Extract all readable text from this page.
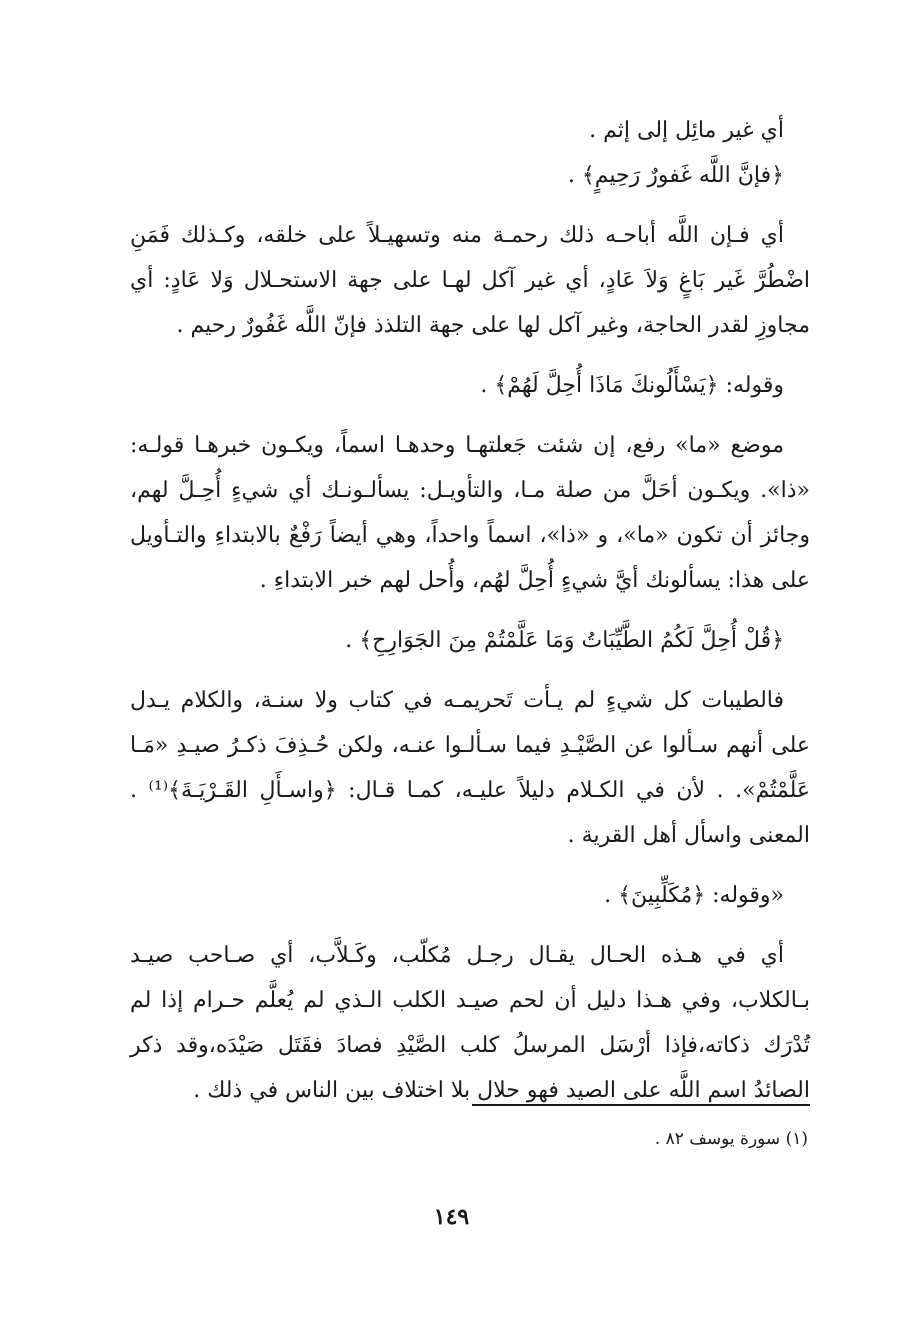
أي غير مائِل إلى إثم .

﴿فإنَّ اللَّه غَفورٌ رَحِيمٍ﴾ .

أي فـإن اللَّه أباحـه ذلك رحمـة منه وتسهيـلاً على خلقه، وكـذلك فَمَنِ اضْطُرَّ غَير بَاغٍ وَلاَ عَادٍ، أي غير آكل لهـا على جهة الاستحـلال وَلا عَادٍ: أي مجاوزِ لقدر الحاجة، وغير آكل لها على جهة التلذذ فإنّ اللَّه غَفُورٌ رحيم .

وقوله: ﴿يَسْأَلُونكَ مَاذَا أُحِلَّ لَهُمْ﴾ .

موضع «ما» رفع، إن شئت جَعلتهـا وحدهـا اسماً، ويكـون خبرهـا قولـه: «ذا». ويكـون أحَلَّ من صلة مـا، والتأويـل: يسألـونـك أي شيءٍ أُحِـلَّ لهم، وجائز أن تكون «ما»، و «ذا»، اسماً واحداً، وهي أيضاً رَفْعٌ بالابتداءِ والتـأويل على هذا: يسألونك أيَّ شيءٍ أُحِلَّ لهُم، وأُحل لهم خبر الابتداءِ .

﴿قُلْ أُحِلَّ لَكُمُ الطَّيِّبَاتُ وَمَا عَلَّمْتُمْ مِنَ الجَوَارِحِ﴾ .

فالطيبات كل شيءٍ لم يـأت تَحريمـه في كتاب ولا سنـة، والكلام يـدل على أنهم سـألوا عن الصَّيْـدِ فيما سـألـوا عنـه، ولكن حُـذِفَ ذكـرُ صيـدِ «مَـا عَلَّمْتُمْ». . لأن في الكـلام دليلاً عليـه، كمـا قـال: ﴿واسـأَلِ القَـرْيَـةَ﴾⁽¹⁾ . المعنى واسأل أهل القرية .

«وقوله: ﴿مُكَلِّبِينَ﴾ .

أي في هـذه الحـال يقـال رجـل مُكلّب، وكَـلاَّب، أي صـاحب صيـد بـالكلاب، وفي هـذا دليل أن لحم صيـد الكلب الـذي لم يُعلَّم حـرام إذا لم تُدْرَك ذكاته،فإذا أرْسَل المرسلُ كلب الصَّيْدِ فصادَ فقَتَل صَيْدَه،وقد ذكر الصائدُ اسم اللَّه على الصيد فهو حلال بلا اختلاف بين الناس في ذلك .

(١) سورة يوسف ٨٢ .
١٤٩
